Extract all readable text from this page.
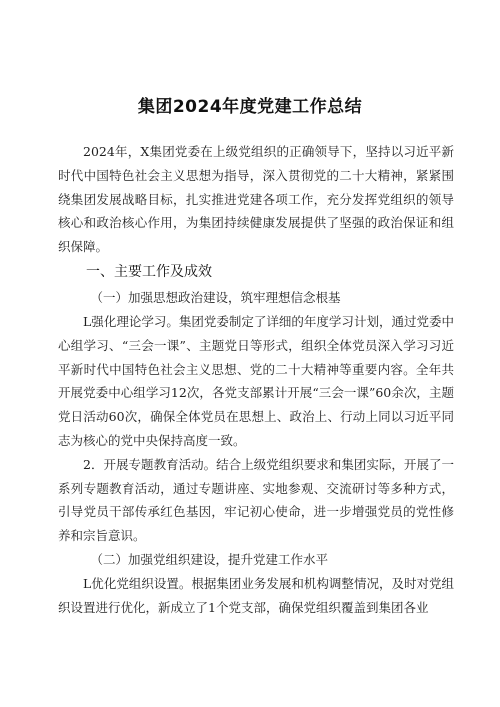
集团2024年度党建工作总结

2024年，X集团党委在上级党组织的正确领导下，坚持以习近平新时代中国特色社会主义思想为指导，深入贯彻党的二十大精神，紧紧围绕集团发展战略目标，扎实推进党建各项工作，充分发挥党组织的领导核心和政治核心作用，为集团持续健康发展提供了坚强的政治保证和组织保障。

一、主要工作及成效

（一）加强思想政治建设，筑牢理想信念根基

L强化理论学习。集团党委制定了详细的年度学习计划，通过党委中心组学习、“三会一课”、主题党日等形式，组织全体党员深入学习习近平新时代中国特色社会主义思想、党的二十大精神等重要内容。全年共开展党委中心组学习12次，各党支部累计开展“三会一课”60余次，主题党日活动60次，确保全体党员在思想上、政治上、行动上同以习近平同志为核心的党中央保持高度一致。

2．开展专题教育活动。结合上级党组织要求和集团实际，开展了一系列专题教育活动，通过专题讲座、实地参观、交流研讨等多种方式，引导党员干部传承红色基因，牢记初心使命，进一步增强党员的党性修养和宗旨意识。

（二）加强党组织建设，提升党建工作水平

L优化党组织设置。根据集团业务发展和机构调整情况，及时对党组织设置进行优化，新成立了1个党支部，确保党组织覆盖到集团各业
